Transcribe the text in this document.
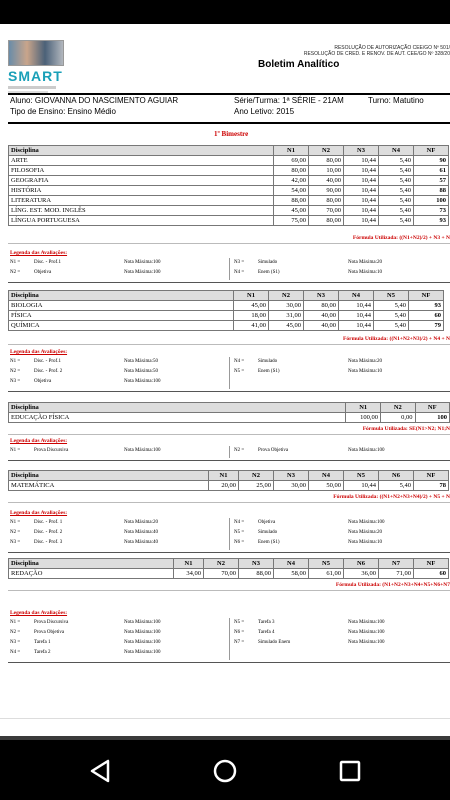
SMART
RESOLUÇÃO DE AUTORIZAÇÃO CEE/GO Nº 501/
RESOLUÇÃO DE CRED. E RENOV. DE AUT. CEE/GO Nº 328/20
Boletim Analítico
Aluno: GIOVANNA DO NASCIMENTO AGUIAR	Série/Turma: 1ª SÉRIE - 21AM	Turno: Matutino
Tipo de Ensino: Ensino Médio	Ano Letivo: 2015
1º Bimestre
Disciplina	N1	N2	N3	N4	NF
ARTE	69,00	80,00	10,44	5,40	90
FILOSOFIA	80,00	10,00	10,44	5,40	61
GEOGRAFIA	42,00	40,00	10,44	5,40	57
HISTÓRIA	54,00	90,00	10,44	5,40	88
LITERATURA	88,00	80,00	10,44	5,40	100
LÍNG. EST. MOD. INGLÊS	45,00	70,00	10,44	5,40	73
LÍNGUA PORTUGUESA	75,00	80,00	10,44	5,40	93
Fórmula Utilizada: ((N1+N2)/2) + N3 + N
Legenda das Avaliações:
N1 =	Disc. - Prof.1	Nota Máxima:100
N2 =	Objetiva	Nota Máxima:100
N3 =	Simulado	Nota Máxima:20
N4 =	Enem (S1)	Nota Máxima:10
Disciplina	N1	N2	N3	N4	N5	NF
BIOLOGIA	45,00	30,00	80,00	10,44	5,40	93
FÍSICA	18,00	31,00	40,00	10,44	5,40	60
QUÍMICA	41,00	45,00	40,00	10,44	5,40	79
Fórmula Utilizada: ((N1+N2+N3)/2) + N4 + N
Legenda das Avaliações:
N1 =	Disc. - Prof.1	Nota Máxima:50
N2 =	Disc. - Prof. 2	Nota Máxima:50
N3 =	Objetiva	Nota Máxima:100
N4 =	Simulado	Nota Máxima:20
N5 =	Enem (S1)	Nota Máxima:10
Disciplina	N1	N2	NF
EDUCAÇÃO FÍSICA	100,00	0,00	100
Fórmula Utilizada: SE(N1>N2; N1;N
Legenda das Avaliações:
N1 =	Prova Discursiva	Nota Máxima:100	N2 =	Prova Objetiva	Nota Máxima:100
Disciplina	N1	N2	N3	N4	N5	N6	NF
MATEMÁTICA	20,00	25,00	30,00	50,00	10,44	5,40	78
Fórmula Utilizada: ((N1+N2+N3+N4)/2) + N5 + N
Legenda das Avaliações:
N1 =	Disc. - Prof. 1	Nota Máxima:20
N2 =	Disc. - Prof. 2	Nota Máxima:40
N3 =	Disc. - Prof. 3	Nota Máxima:40
N4 =	Objetiva	Nota Máxima:100
N5 =	Simulado	Nota Máxima:20
N6 =	Enem (S1)	Nota Máxima:10
Disciplina	N1	N2	N3	N4	N5	N6	N7	NF
REDAÇÃO	34,00	70,00	88,00	58,00	61,00	36,00	71,00	60
Fórmula Utilizada: (N1+N2+N3+N4+N5+N6+N7
Legenda das Avaliações:
N1 =	Prova Discursiva	Nota Máxima:100
N2 =	Prova Objetiva	Nota Máxima:100
N3 =	Tarefa 1	Nota Máxima:100
N4 =	Tarefa 2	Nota Máxima:100
N5 =	Tarefa 3	Nota Máxima:100
N6 =	Tarefa 4	Nota Máxima:100
N7 =	Simulado Enem	Nota Máxima:100
